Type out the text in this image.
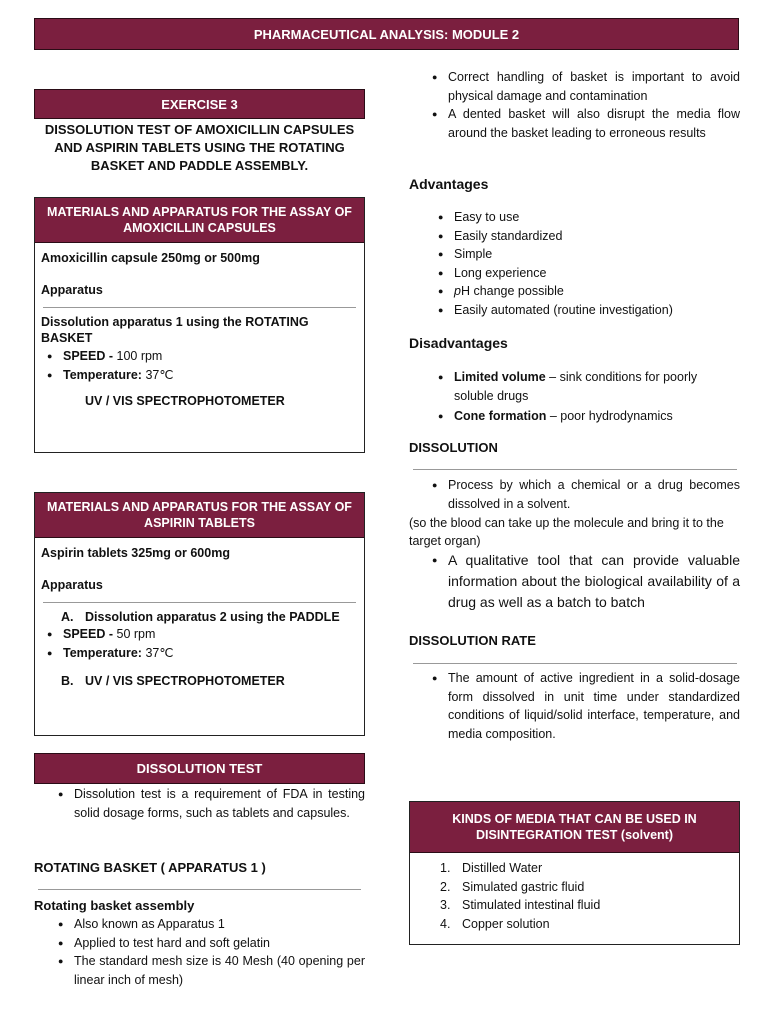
PHARMACEUTICAL ANALYSIS: MODULE 2
EXERCISE 3
DISSOLUTION TEST OF AMOXICILLIN CAPSULES AND ASPIRIN TABLETS USING THE ROTATING BASKET AND PADDLE ASSEMBLY.
MATERIALS AND APPARATUS FOR THE ASSAY OF AMOXICILLIN CAPSULES
Amoxicillin capsule 250mg or 500mg
Apparatus
Dissolution apparatus 1 using the ROTATING BASKET
● SPEED - 100 rpm
● Temperature: 37℃
UV / VIS SPECTROPHOTOMETER
MATERIALS AND APPARATUS FOR THE ASSAY OF ASPIRIN TABLETS
Aspirin tablets 325mg or 600mg
Apparatus
A. Dissolution apparatus 2 using the PADDLE
● SPEED - 50 rpm
● Temperature: 37℃
B. UV / VIS SPECTROPHOTOMETER
DISSOLUTION TEST
● Dissolution test is a requirement of FDA in testing solid dosage forms, such as tablets and capsules.
ROTATING BASKET ( APPARATUS 1 )
Rotating basket assembly
● Also known as Apparatus 1
● Applied to test hard and soft gelatin
● The standard mesh size is 40 Mesh (40 opening per linear inch of mesh)
● Correct handling of basket is important to avoid physical damage and contamination
● A dented basket will also disrupt the media flow around the basket leading to erroneous results
Advantages
● Easy to use
● Easily standardized
● Simple
● Long experience
● pH change possible
● Easily automated (routine investigation)
Disadvantages
● Limited volume – sink conditions for poorly soluble drugs
● Cone formation – poor hydrodynamics
DISSOLUTION
● Process by which a chemical or a drug becomes dissolved in a solvent.
(so the blood can take up the molecule and bring it to the target organ)
● A qualitative tool that can provide valuable information about the biological availability of a drug as well as a batch to batch
DISSOLUTION RATE
● The amount of active ingredient in a solid-dosage form dissolved in unit time under standardized conditions of liquid/solid interface, temperature, and media composition.
KINDS OF MEDIA THAT CAN BE USED IN DISINTEGRATION TEST (solvent)
1. Distilled Water
2. Simulated gastric fluid
3. Stimulated intestinal fluid
4. Copper solution
